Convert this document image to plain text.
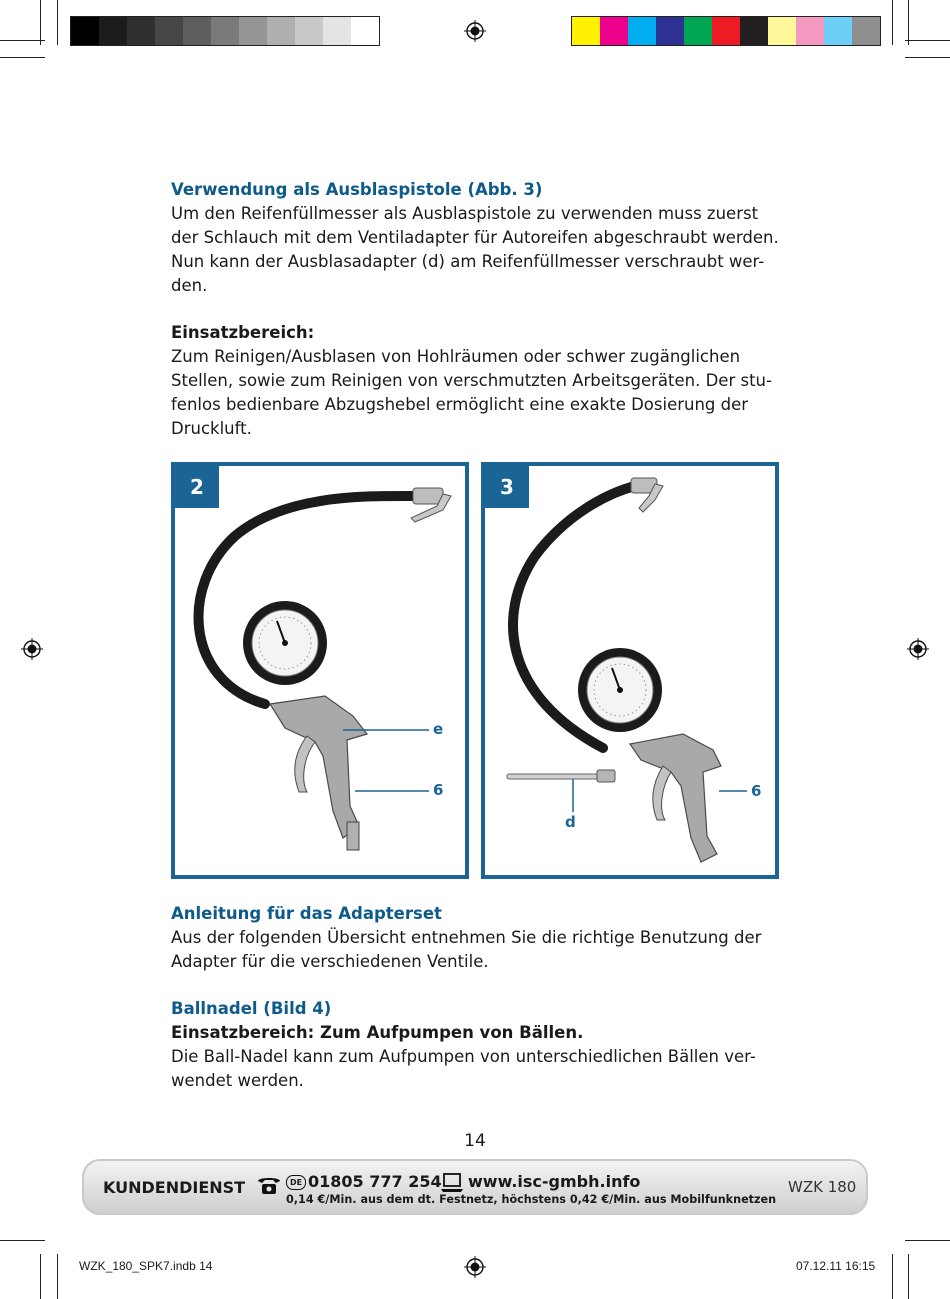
Verwendung als Ausblaspistole (Abb. 3)
Um den Reifenfüllmesser als Ausblaspistole zu verwenden muss zuerst
der Schlauch mit dem Ventiladapter für Autoreifen abgeschraubt werden.
Nun kann der Ausblasadapter (d) am Reifenfüllmesser verschraubt wer-
den.
Einsatzbereich:
Zum Reinigen/Ausblasen von Hohlräumen oder schwer zugänglichen
Stellen, sowie zum Reinigen von verschmutzten Arbeitsgeräten. Der stu-
fenlos bedienbare Abzugshebel ermöglicht eine exakte Dosierung der
Druckluft.
2
e
6
3
6
d
Anleitung für das Adapterset
Aus der folgenden Übersicht entnehmen Sie die richtige Benutzung der
Adapter für die verschiedenen Ventile.
Ballnadel (Bild 4)
Einsatzbereich: Zum Aufpumpen von Bällen.
Die Ball-Nadel kann zum Aufpumpen von unterschiedlichen Bällen ver-
wendet werden.
14
KUNDENDIENST	DE 01805 777 254 www.isc-gmbh.info
0,14 €/Min. aus dem dt. Festnetz, höchstens 0,42 €/Min. aus Mobilfunknetzen
WZK 180
WZK_180_SPK7.indb 14	07.12.11 16:15
